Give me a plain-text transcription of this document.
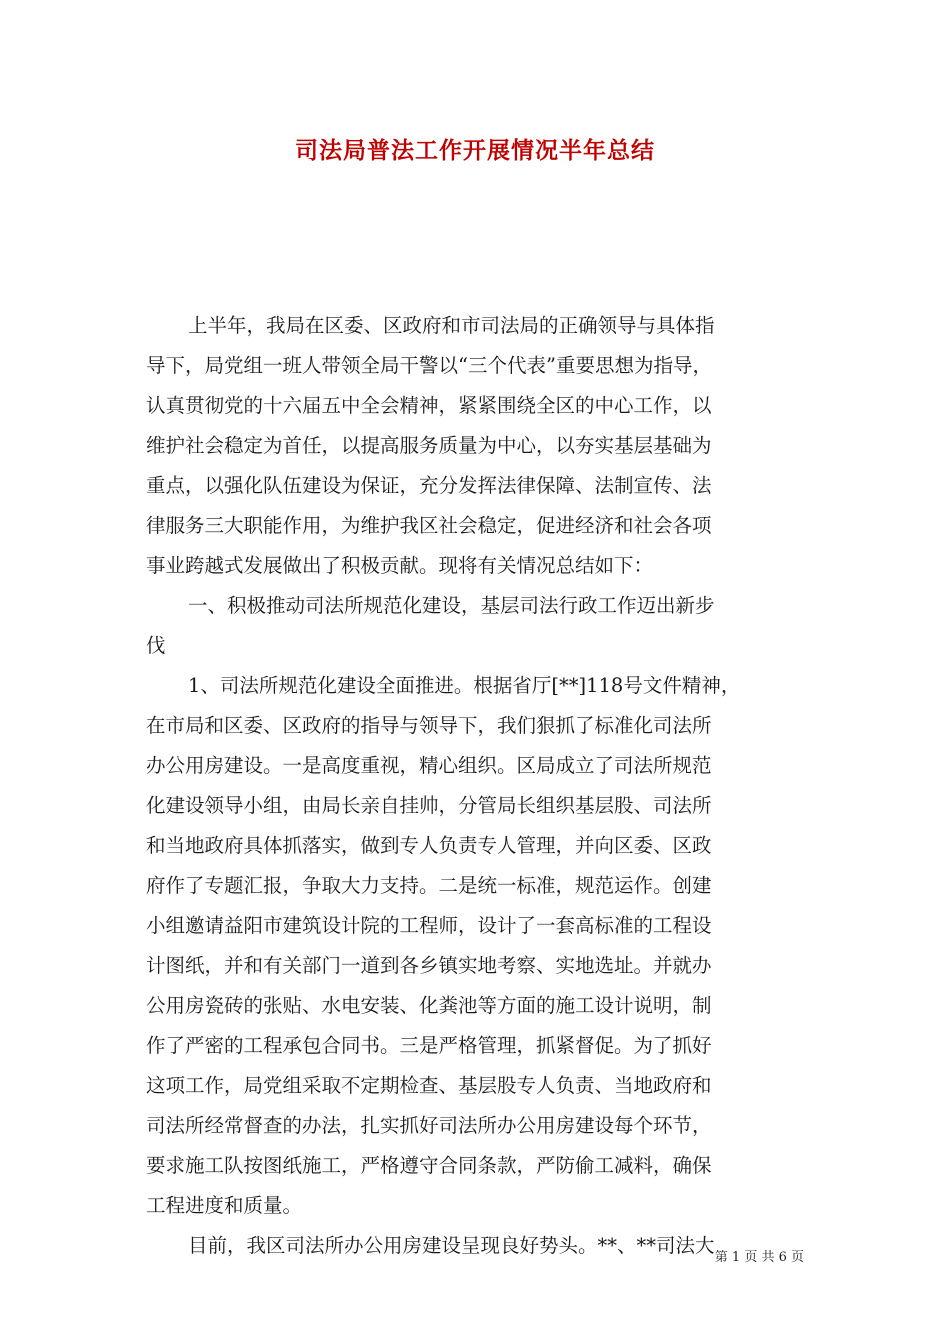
司法局普法工作开展情况半年总结
上半年，我局在区委、区政府和市司法局的正确领导与具体指
导下，局党组一班人带领全局干警以“三个代表”重要思想为指导，
认真贯彻党的十六届五中全会精神，紧紧围绕全区的中心工作，以
维护社会稳定为首任，以提高服务质量为中心，以夯实基层基础为
重点，以强化队伍建设为保证，充分发挥法律保障、法制宣传、法
律服务三大职能作用，为维护我区社会稳定，促进经济和社会各项
事业跨越式发展做出了积极贡献。现将有关情况总结如下：
一、积极推动司法所规范化建设，基层司法行政工作迈出新步
伐
1、司法所规范化建设全面推进。根据省厅[**]118号文件精神，
在市局和区委、区政府的指导与领导下，我们狠抓了标准化司法所
办公用房建设。一是高度重视，精心组织。区局成立了司法所规范
化建设领导小组，由局长亲自挂帅，分管局长组织基层股、司法所
和当地政府具体抓落实，做到专人负责专人管理，并向区委、区政
府作了专题汇报，争取大力支持。二是统一标准，规范运作。创建
小组邀请益阳市建筑设计院的工程师，设计了一套高标准的工程设
计图纸，并和有关部门一道到各乡镇实地考察、实地选址。并就办
公用房瓷砖的张贴、水电安装、化粪池等方面的施工设计说明，制
作了严密的工程承包合同书。三是严格管理，抓紧督促。为了抓好
这项工作，局党组采取不定期检查、基层股专人负责、当地政府和
司法所经常督查的办法，扎实抓好司法所办公用房建设每个环节，
要求施工队按图纸施工，严格遵守合同条款，严防偷工减料，确保
工程进度和质量。
目前，我区司法所办公用房建设呈现良好势头。**、**司法大
第 1 页 共 6 页
